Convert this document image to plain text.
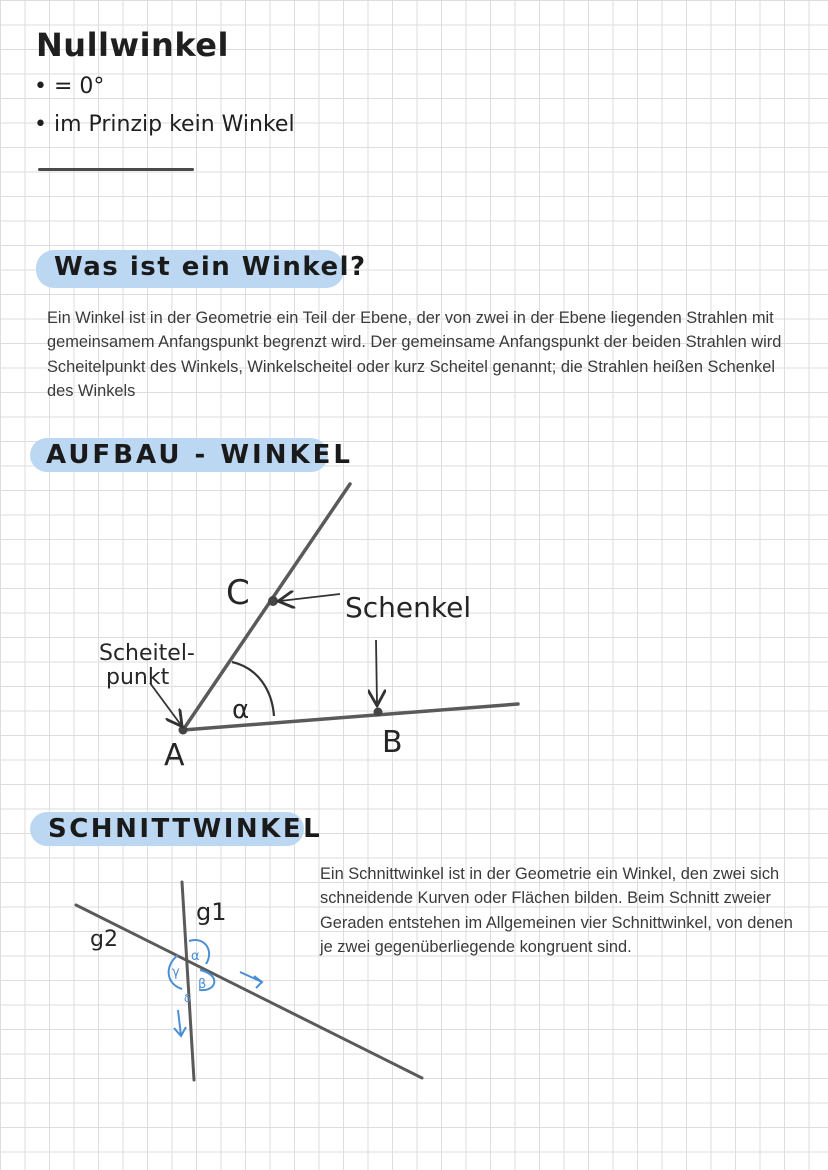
Nullwinkel
• = 0°
• im Prinzip kein Winkel
Was ist ein Winkel?

Ein Winkel ist in der Geometrie ein Teil der Ebene, der von zwei in der Ebene liegenden Strahlen mit gemeinsamem Anfangspunkt begrenzt wird. Der gemeinsame Anfangspunkt der beiden Strahlen wird Scheitelpunkt des Winkels, Winkelscheitel oder kurz Scheitel genannt; die Strahlen heißen Schenkel des Winkels

AUFBAU - WINKEL
C	Schenkel
Scheitel-
punkt
α
A	B
SCHNITTWINKEL

Ein Schnittwinkel ist in der Geometrie ein Winkel, den zwei sich schneidende Kurven oder Flächen bilden. Beim Schnitt zweier Geraden entstehen im Allgemeinen vier Schnittwinkel, von denen je zwei gegenüberliegende kongruent sind.

g1
g2
α
β
γ
δ
